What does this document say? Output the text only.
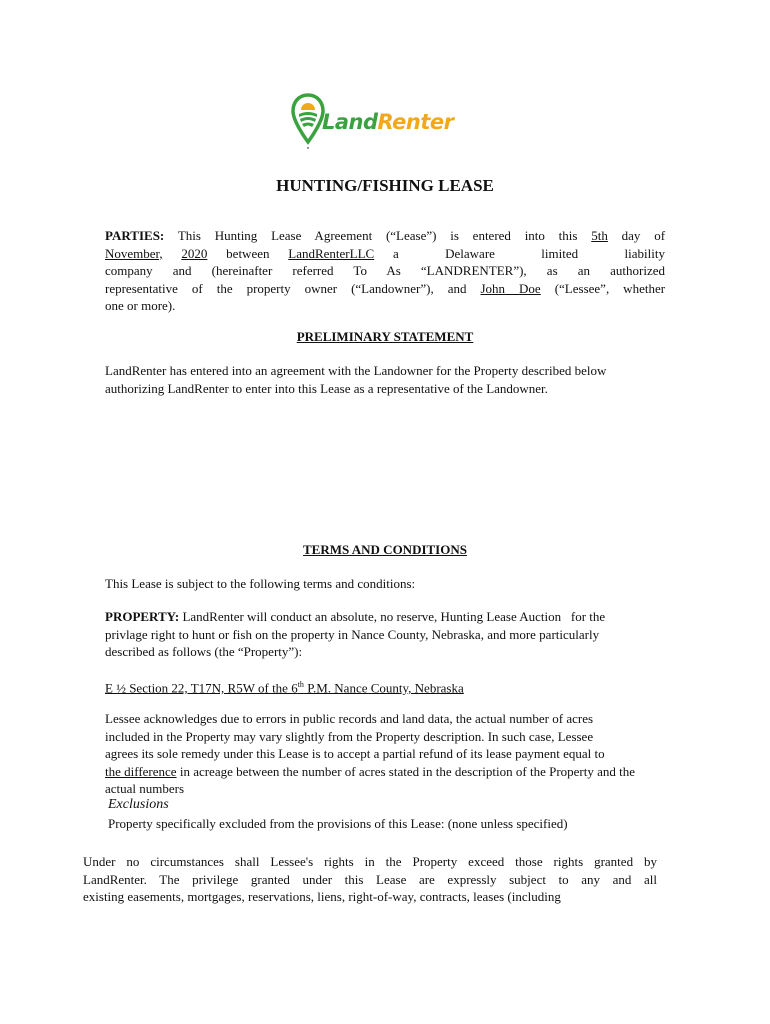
LandRenter
HUNTING/FISHING LEASE
PARTIES: This Hunting Lease Agreement (“Lease”) is entered into this 5th day of
November, 2020 between LandRenterLLC a Delaware limited liability
company and (hereinafter referred To As “LANDRENTER”), as an authorized
representative of the property owner (“Landowner”), and John Doe (“Lessee”, whether
one or more).
PRELIMINARY STATEMENT
LandRenter has entered into an agreement with the Landowner for the Property described below
authorizing LandRenter to enter into this Lease as a representative of the Landowner.
TERMS AND CONDITIONS
This Lease is subject to the following terms and conditions:
PROPERTY: LandRenter will conduct an absolute, no reserve, Hunting Lease Auction   for the
privlage right to hunt or fish on the property in Nance County, Nebraska, and more particularly
described as follows (the “Property”):
E ½ Section 22, T17N, R5W of the 6th P.M. Nance County, Nebraska
Lessee acknowledges due to errors in public records and land data, the actual number of acres
included in the Property may vary slightly from the Property description. In such case, Lessee
agrees its sole remedy under this Lease is to accept a partial refund of its lease payment equal to
the difference in acreage between the number of acres stated in the description of the Property and the
actual numbers
Exclusions
Property specifically excluded from the provisions of this Lease: (none unless specified)
Under no circumstances shall Lessee's rights in the Property exceed those rights granted by
LandRenter. The privilege granted under this Lease are expressly subject to any and all
existing easements, mortgages, reservations, liens, right-of-way, contracts, leases (including
